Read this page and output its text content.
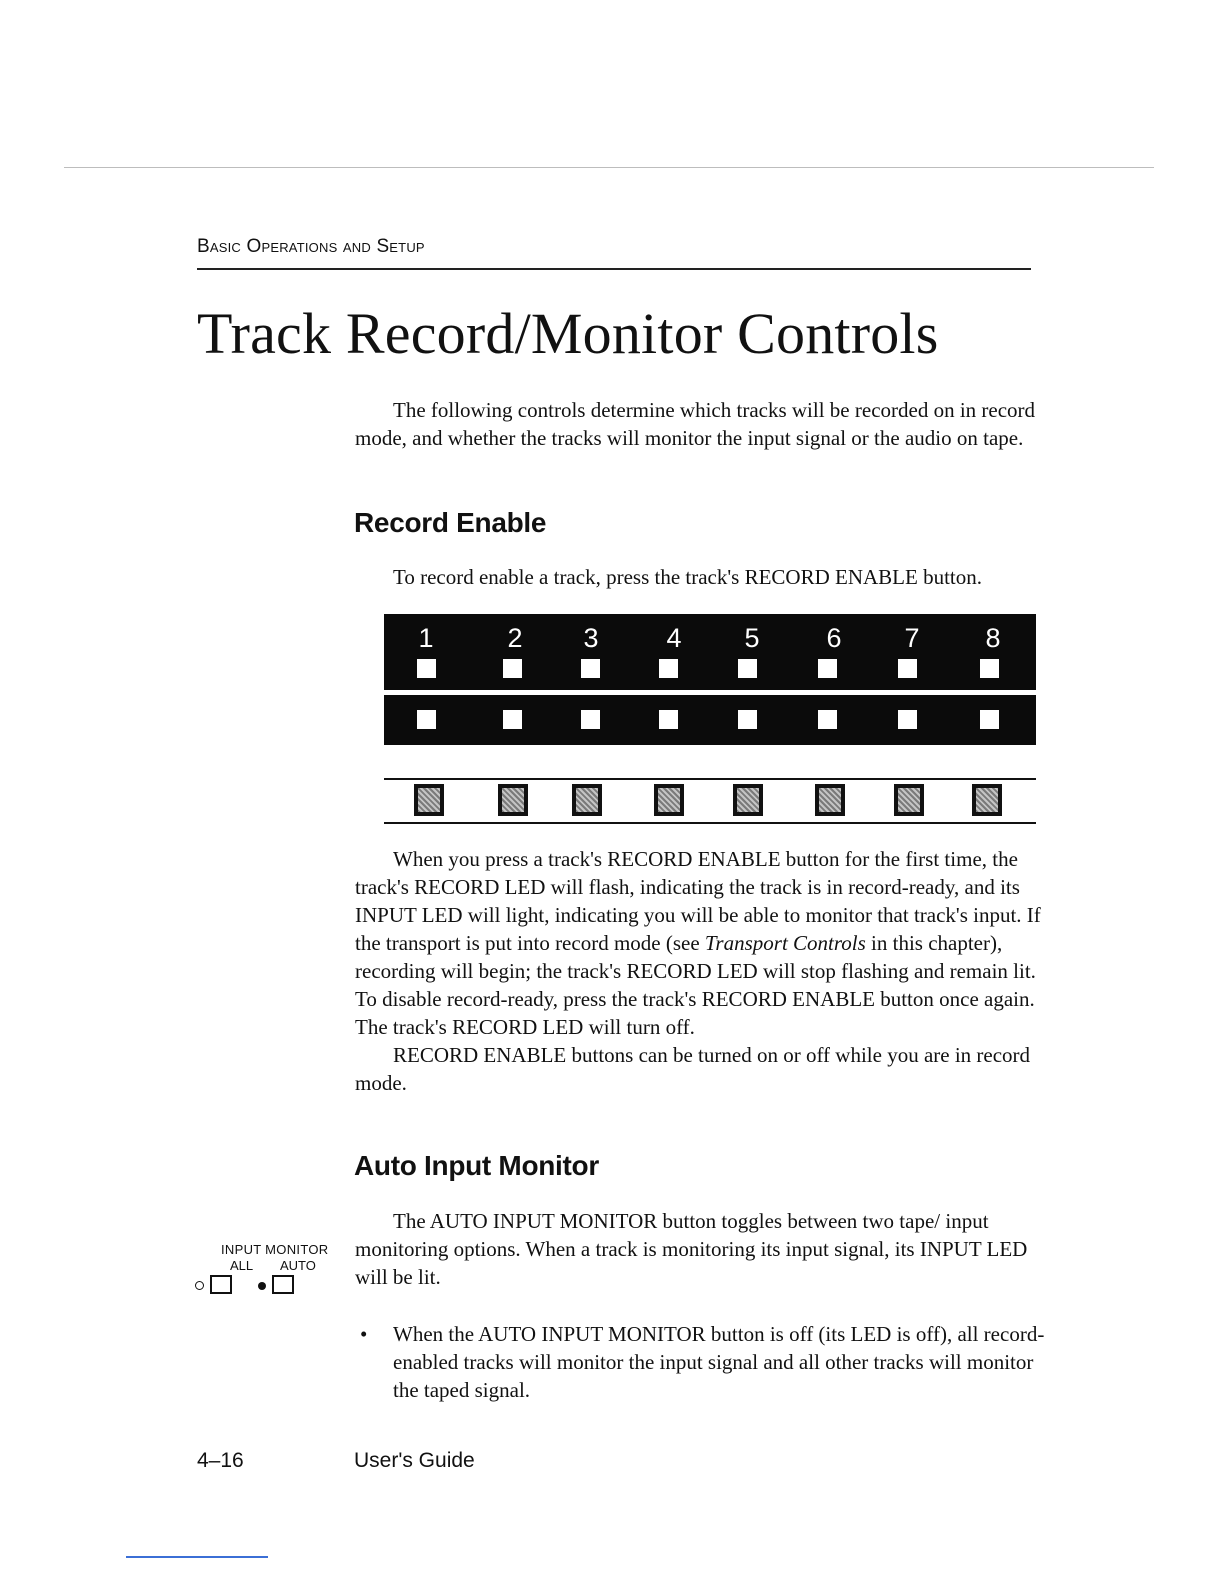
Basic Operations and Setup
Track Record/Monitor Controls

The following controls determine which tracks will be recorded on in record mode, and whether the tracks will monitor the input signal or the audio on tape.

Record Enable
To record enable a track, press the track's RECORD ENABLE button.
1	2 3	4 5 6 7 8

When you press a track's RECORD ENABLE button for the first time, the track's RECORD LED will flash, indicating the track is in record-ready, and its INPUT LED will light, indicating you will be able to monitor that track's input. If the transport is put into record mode (see Transport Controls in this chapter), recording will begin; the track's RECORD LED will stop flashing and remain lit. To disable record-ready, press the track's RECORD ENABLE button once again. The track's RECORD LED will turn off.

RECORD ENABLE buttons can be turned on or off while you are in record mode.

Auto Input Monitor

The AUTO INPUT MONITOR button toggles between two tape/ input monitoring options. When a track is monitoring its input signal, its INPUT LED will be lit.

INPUT MONITOR
ALL AUTO
• When the AUTO INPUT MONITOR button is off (its LED is off), all record-enabled tracks will monitor the input signal and all other tracks will monitor the taped signal.
4–16	User's Guide
